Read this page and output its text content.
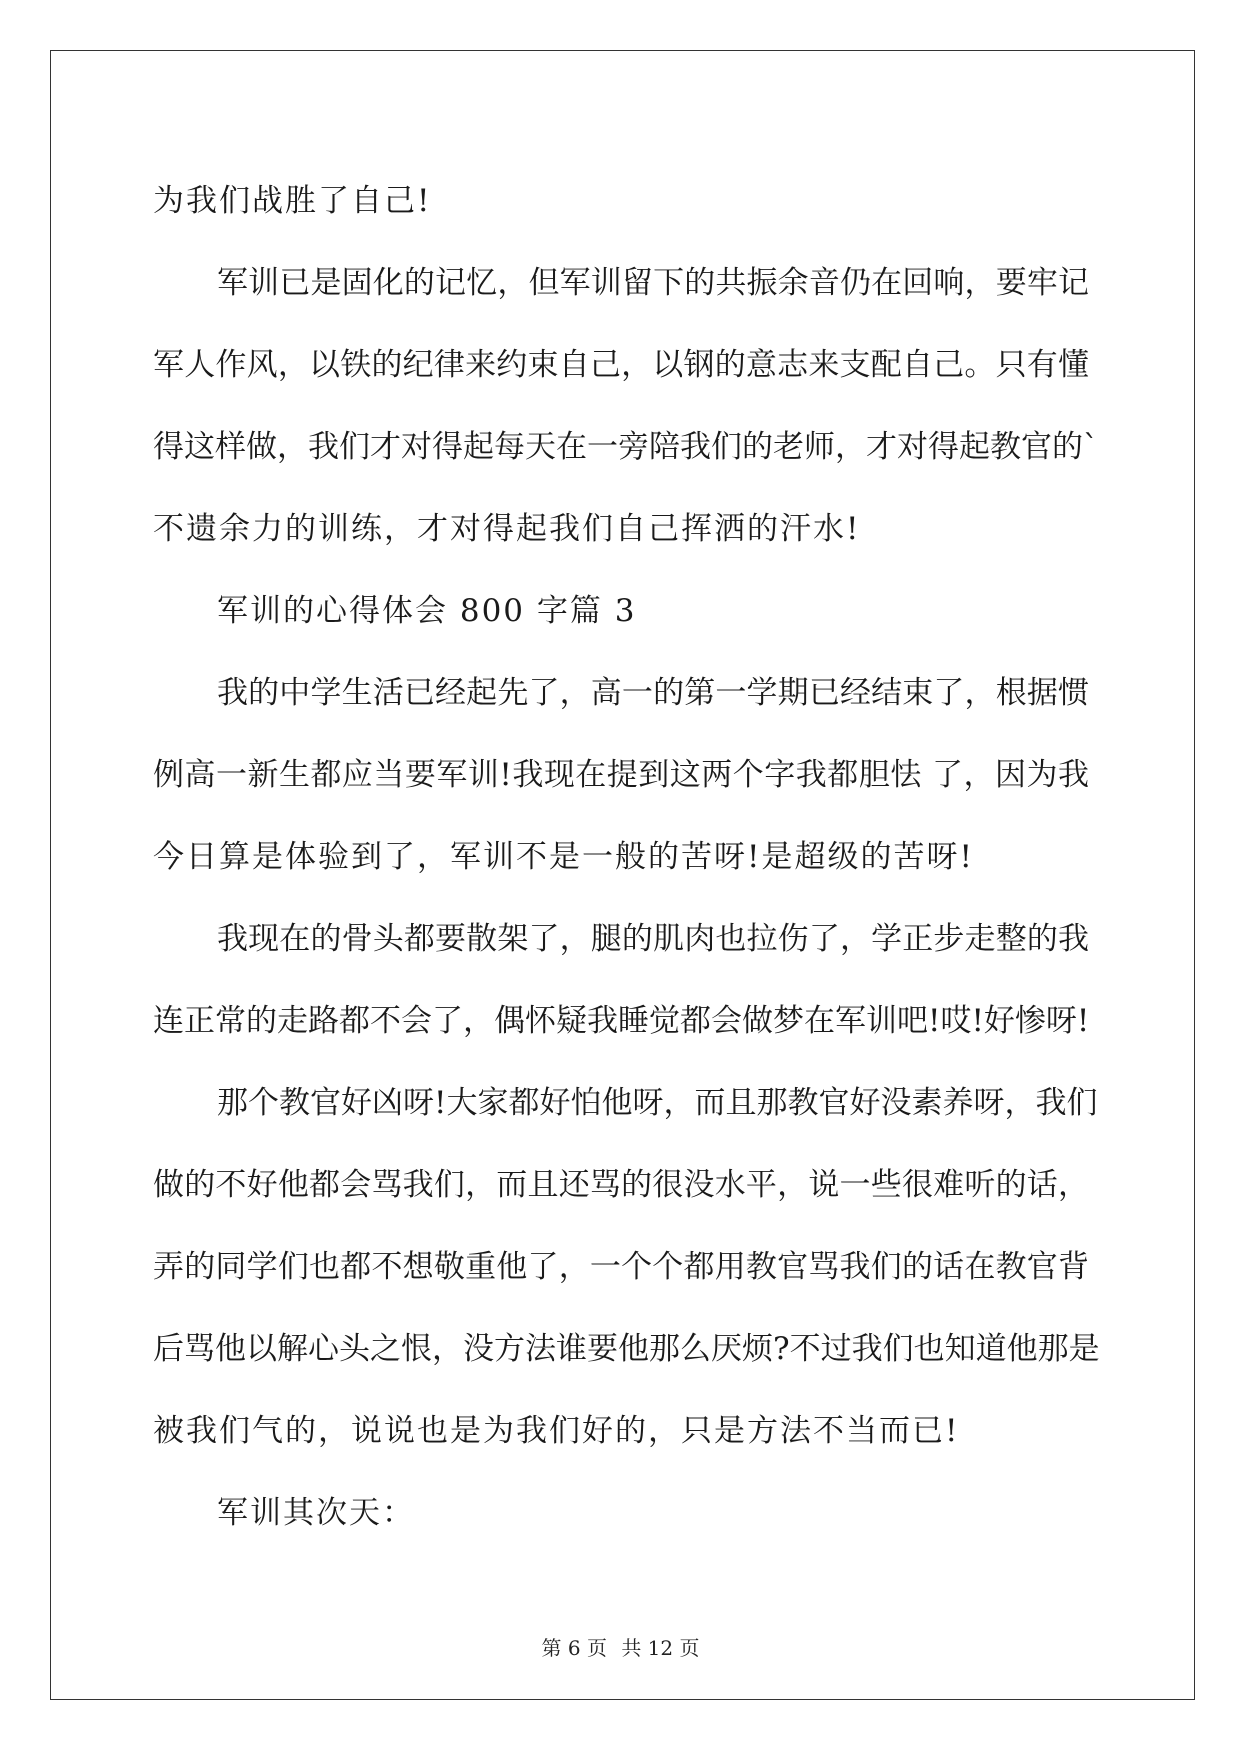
为我们战胜了自己!
军训已是固化的记忆，但军训留下的共振余音仍在回响，要牢记
军人作风，以铁的纪律来约束自己，以钢的意志来支配自己。只有懂
得这样做，我们才对得起每天在一旁陪我们的老师，才对得起教官的`
不遗余力的训练，才对得起我们自己挥洒的汗水!
军训的心得体会 800 字篇 3
我的中学生活已经起先了，高一的第一学期已经结束了，根据惯
例高一新生都应当要军训!我现在提到这两个字我都胆怯 了，因为我
今日算是体验到了，军训不是一般的苦呀!是超级的苦呀!
我现在的骨头都要散架了，腿的肌肉也拉伤了，学正步走整的我
连正常的走路都不会了，偶怀疑我睡觉都会做梦在军训吧!哎!好惨呀!
那个教官好凶呀!大家都好怕他呀，而且那教官好没素养呀，我们
做的不好他都会骂我们，而且还骂的很没水平，说一些很难听的话，
弄的同学们也都不想敬重他了，一个个都用教官骂我们的话在教官背
后骂他以解心头之恨，没方法谁要他那么厌烦?不过我们也知道他那是
被我们气的，说说也是为我们好的，只是方法不当而已!
军训其次天：
第 6 页 共 12 页
